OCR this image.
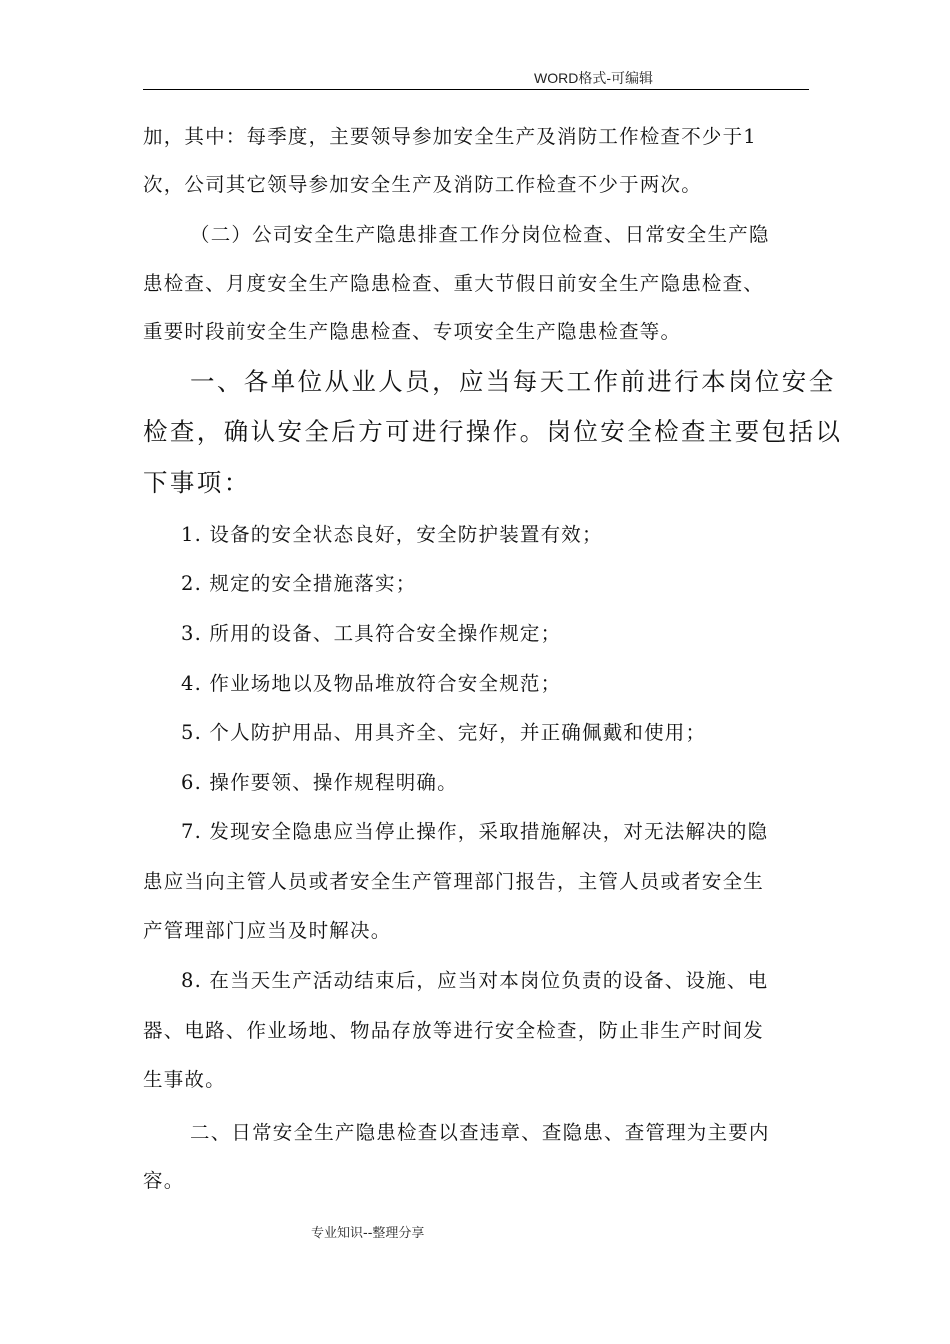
WORD格式-可编辑

加，其中：每季度，主要领导参加安全生产及消防工作检查不少于1

次，公司其它领导参加安全生产及消防工作检查不少于两次。

（二）公司安全生产隐患排查工作分岗位检查、日常安全生产隐

患检查、月度安全生产隐患检查、重大节假日前安全生产隐患检查、

重要时段前安全生产隐患检查、专项安全生产隐患检查等。

一、各单位从业人员，应当每天工作前进行本岗位安全

检查，确认安全后方可进行操作。岗位安全检查主要包括以

下事项：

1. 设备的安全状态良好，安全防护装置有效；

2. 规定的安全措施落实；

3. 所用的设备、工具符合安全操作规定；

4. 作业场地以及物品堆放符合安全规范；

5. 个人防护用品、用具齐全、完好，并正确佩戴和使用；

6. 操作要领、操作规程明确。

7. 发现安全隐患应当停止操作，采取措施解决，对无法解决的隐

患应当向主管人员或者安全生产管理部门报告，主管人员或者安全生

产管理部门应当及时解决。

8. 在当天生产活动结束后，应当对本岗位负责的设备、设施、电

器、电路、作业场地、物品存放等进行安全检查，防止非生产时间发

生事故。

二、日常安全生产隐患检查以查违章、查隐患、查管理为主要内

容。

专业知识--整理分享
